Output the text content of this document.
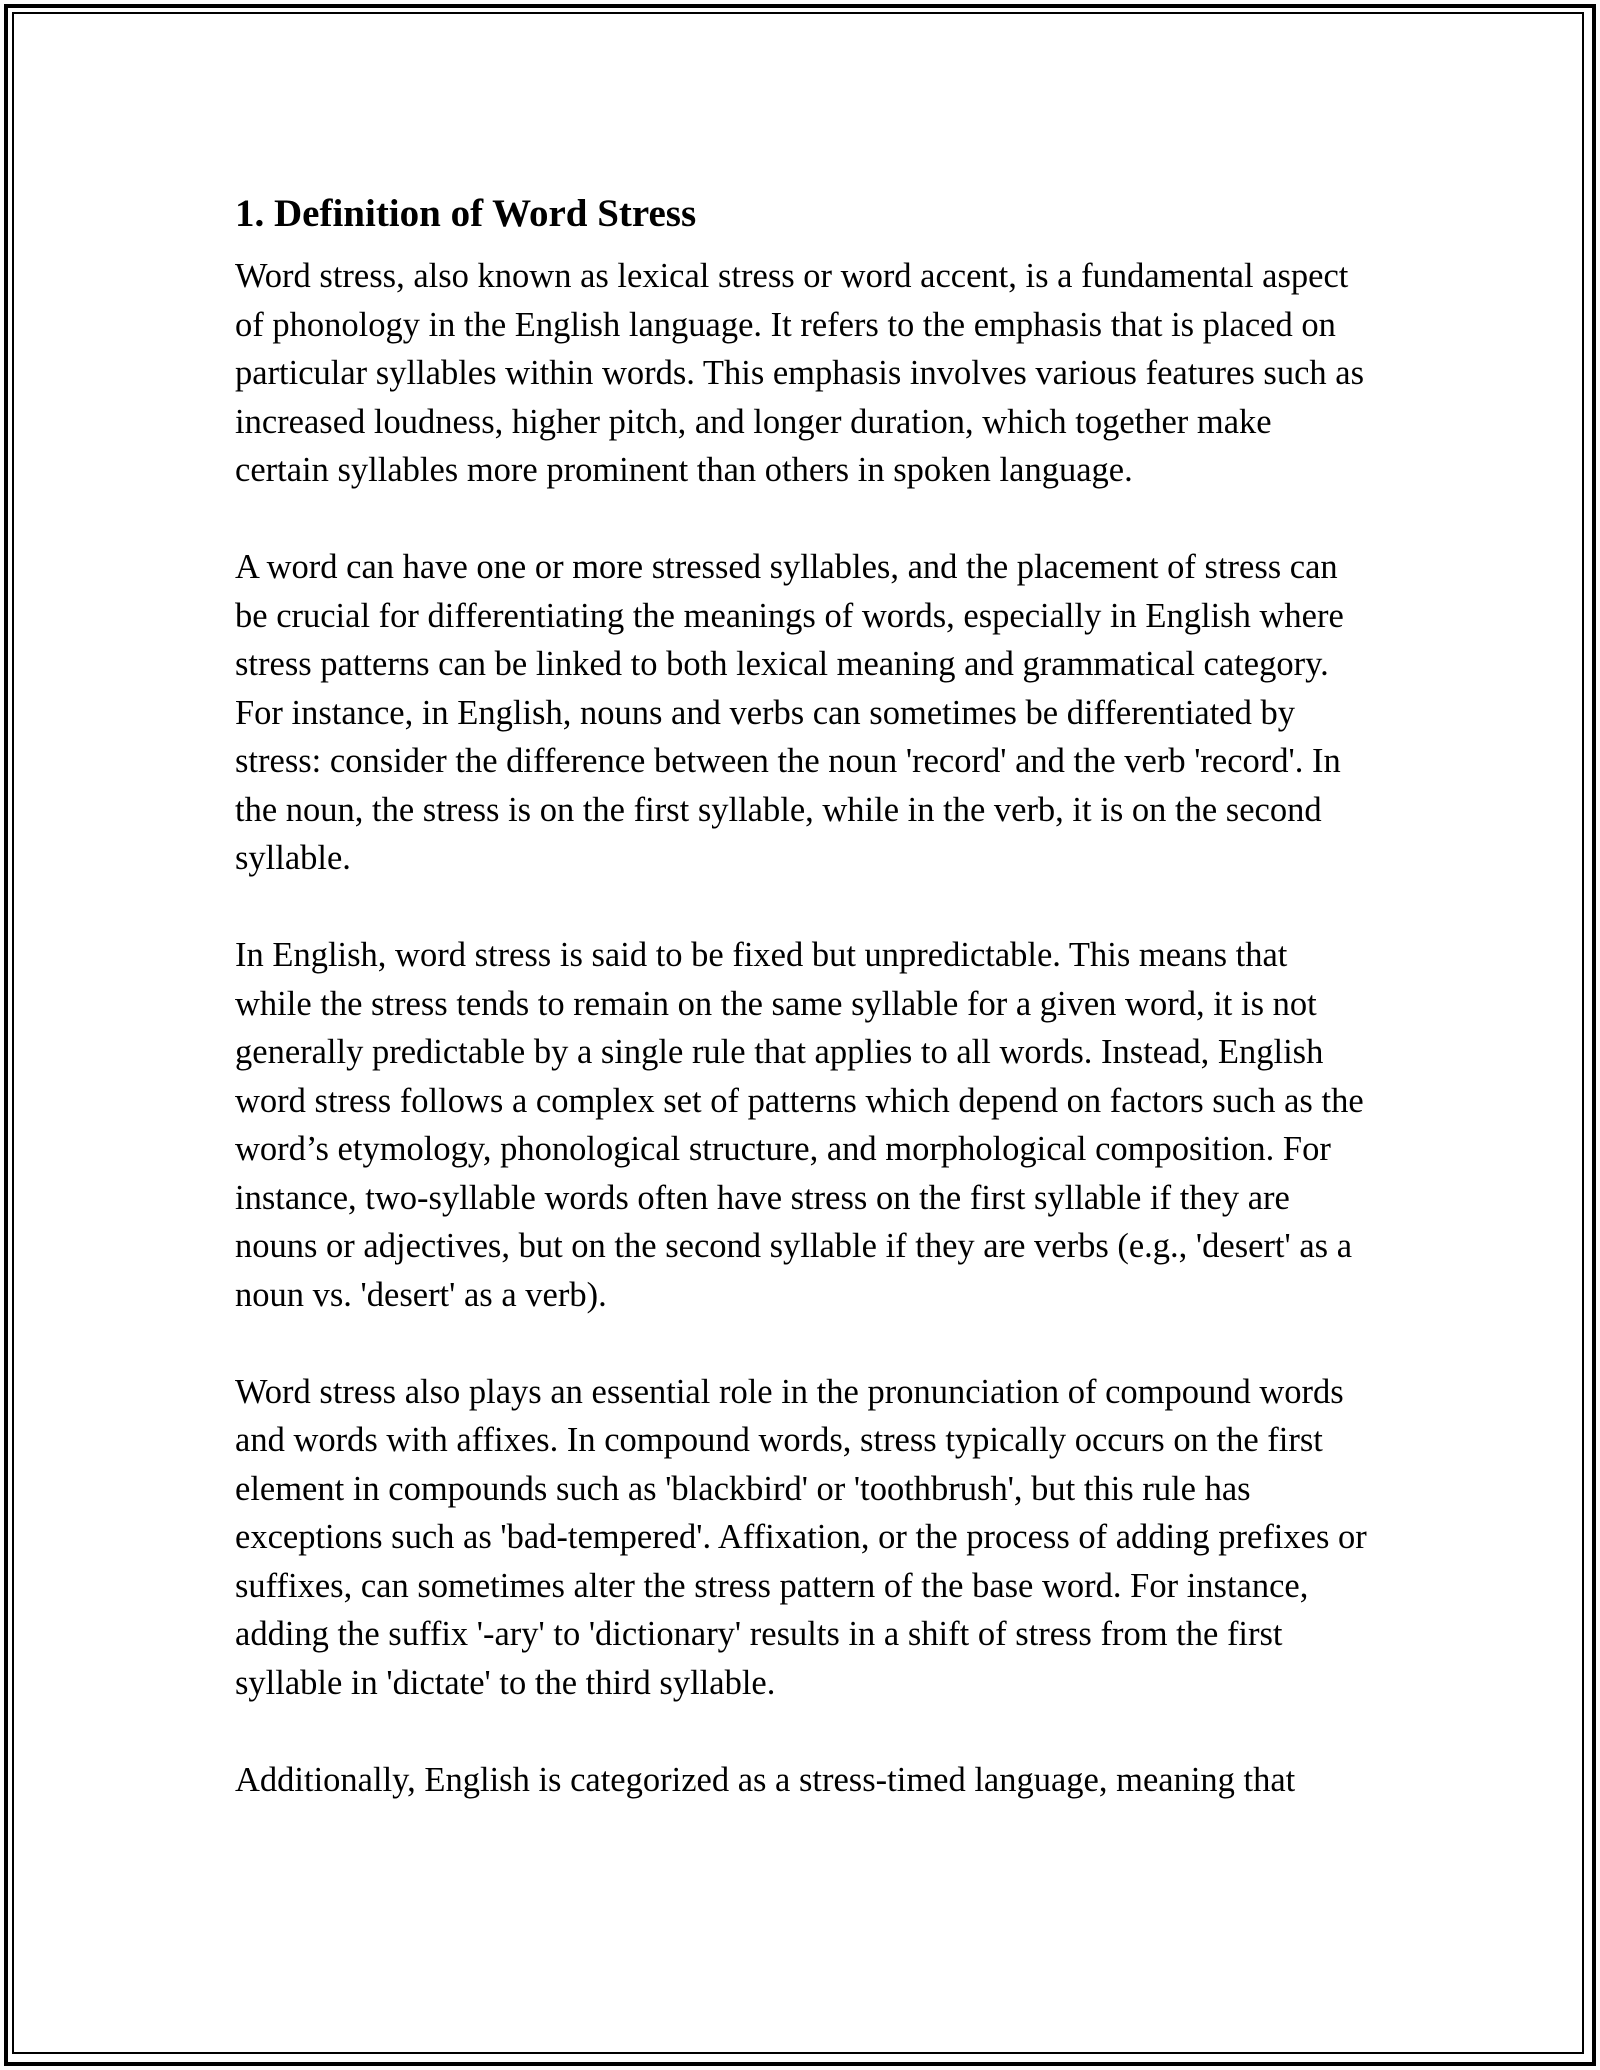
1. Definition of Word Stress

Word stress, also known as lexical stress or word accent, is a fundamental aspect of phonology in the English language. It refers to the emphasis that is placed on particular syllables within words. This emphasis involves various features such as increased loudness, higher pitch, and longer duration, which together make certain syllables more prominent than others in spoken language.

A word can have one or more stressed syllables, and the placement of stress can be crucial for differentiating the meanings of words, especially in English where stress patterns can be linked to both lexical meaning and grammatical category. For instance, in English, nouns and verbs can sometimes be differentiated by stress: consider the difference between the noun 'record' and the verb 'record'. In the noun, the stress is on the first syllable, while in the verb, it is on the second syllable.

In English, word stress is said to be fixed but unpredictable. This means that while the stress tends to remain on the same syllable for a given word, it is not generally predictable by a single rule that applies to all words. Instead, English word stress follows a complex set of patterns which depend on factors such as the word’s etymology, phonological structure, and morphological composition. For instance, two-syllable words often have stress on the first syllable if they are nouns or adjectives, but on the second syllable if they are verbs (e.g., 'desert' as a noun vs. 'desert' as a verb).

Word stress also plays an essential role in the pronunciation of compound words and words with affixes. In compound words, stress typically occurs on the first element in compounds such as 'blackbird' or 'toothbrush', but this rule has exceptions such as 'bad-tempered'. Affixation, or the process of adding prefixes or suffixes, can sometimes alter the stress pattern of the base word. For instance, adding the suffix '-ary' to 'dictionary' results in a shift of stress from the first syllable in 'dictate' to the third syllable.

Additionally, English is categorized as a stress-timed language, meaning that
